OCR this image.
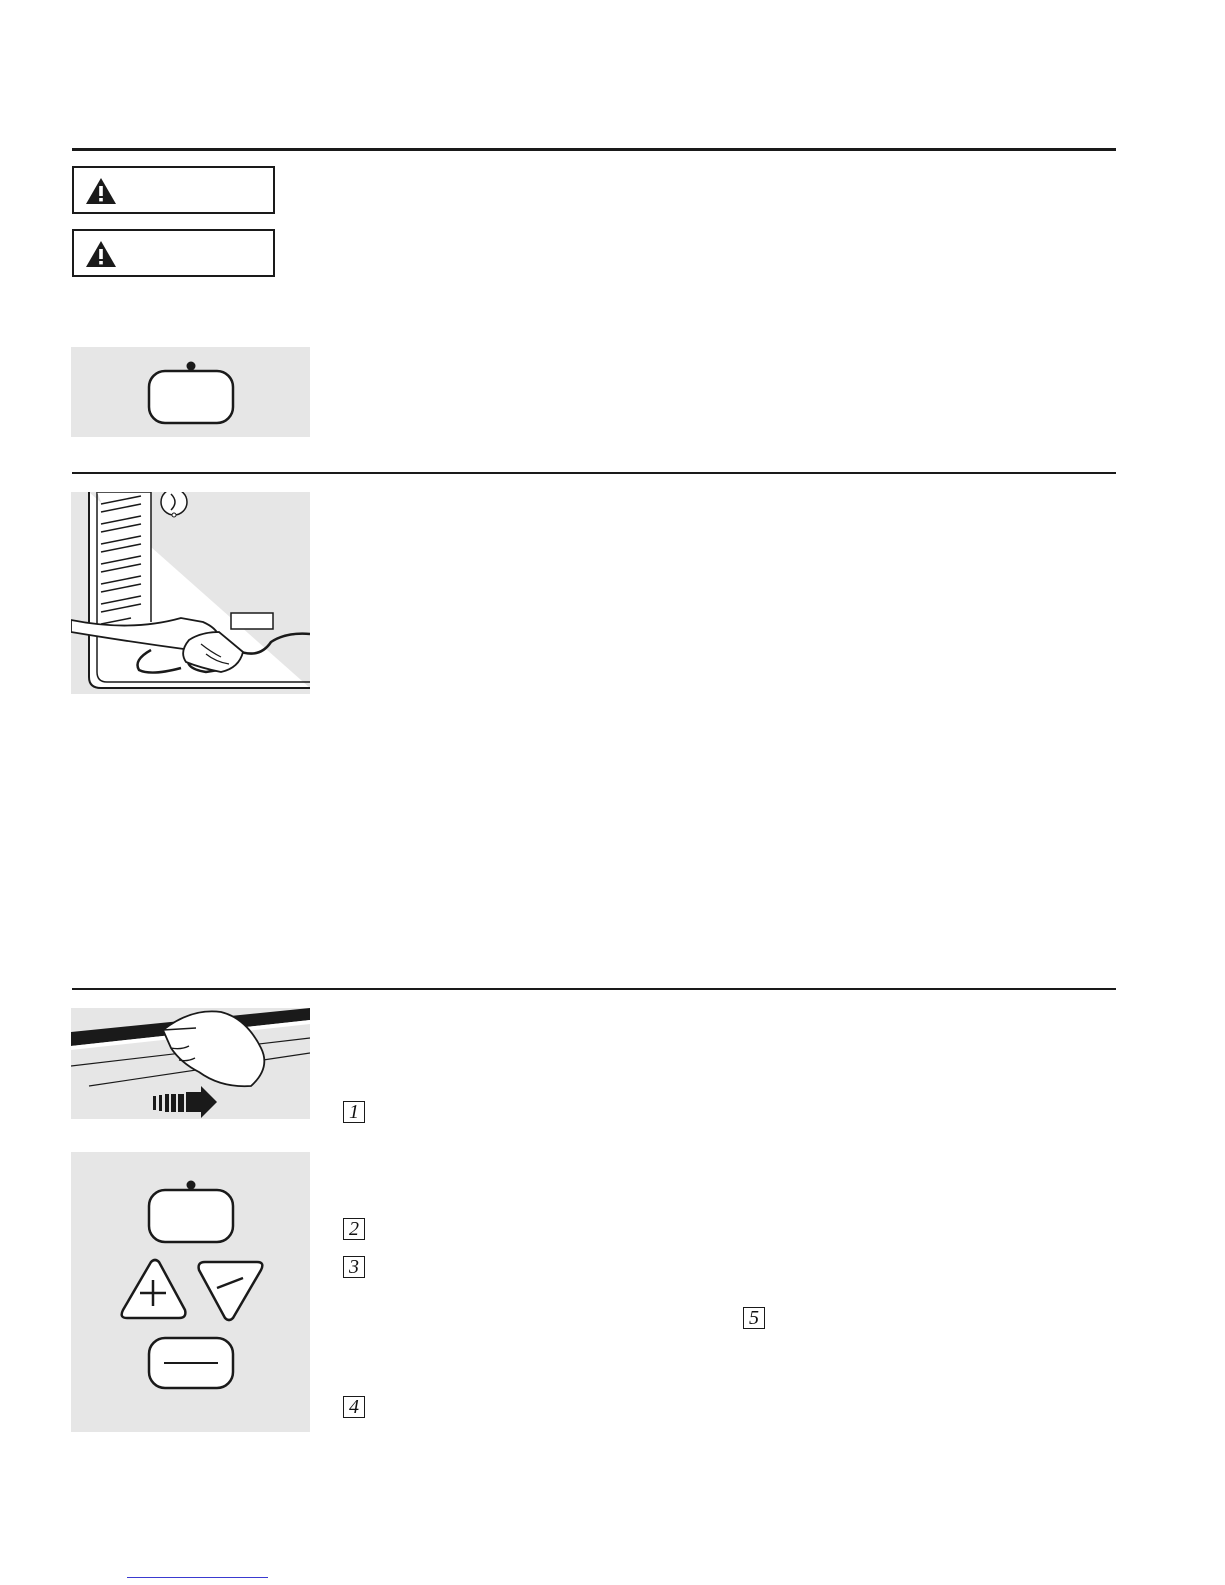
1
2
3
5
4
